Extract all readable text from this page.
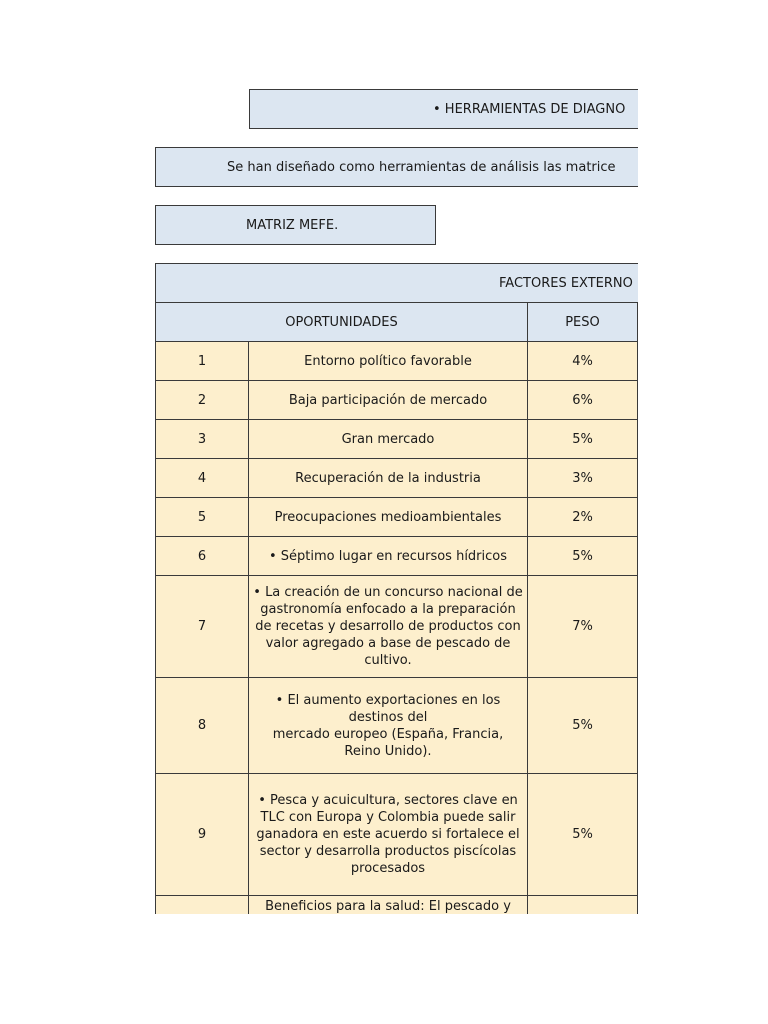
• HERRAMIENTAS DE DIAGNO
Se han diseñado como herramientas de análisis las matrice
MATRIZ MEFE.
FACTORES EXTERNO			
OPORTUNIDADES		PESO	
1	Entorno político favorable	4%	
2	Baja participación de mercado	6%	
3	Gran mercado	5%	
4	Recuperación de la industria	3%	
5	Preocupaciones medioambientales	2%	
6	• Séptimo lugar en recursos hídricos	5%	
7	• La creación de un concurso nacional de gastronomía enfocado a la preparación de recetas y desarrollo de productos con valor agregado a base de pescado de cultivo.	7%	
8	• El aumento exportaciones en los destinos del
mercado europeo (España, Francia,
Reino Unido).	5%	
9	• Pesca y acuicultura, sectores clave en TLC con Europa y Colombia puede salir ganadora en este acuerdo si fortalece el sector y desarrolla productos piscícolas procesados	5%	
	Beneficios para la salud: El pescado y		
